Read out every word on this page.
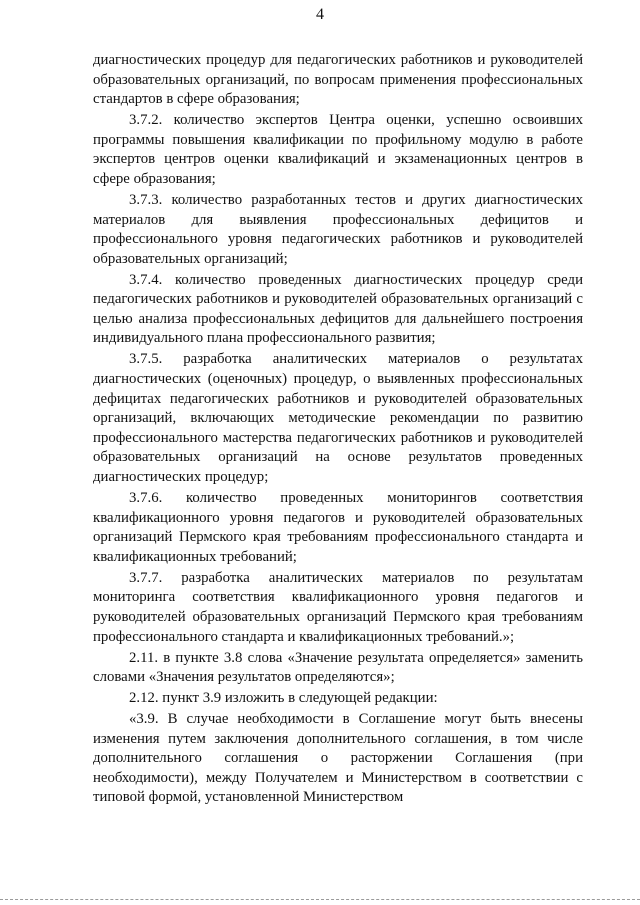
4

диагностических процедур для педагогических работников и руководителей образовательных организаций, по вопросам применения профессиональных стандартов в сфере образования;

3.7.2. количество экспертов Центра оценки, успешно освоивших программы повышения квалификации по профильному модулю в работе экспертов центров оценки квалификаций и экзаменационных центров в сфере образования;

3.7.3. количество разработанных тестов и других диагностических материалов для выявления профессиональных дефицитов и профессионального уровня педагогических работников и руководителей образовательных организаций;

3.7.4. количество проведенных диагностических процедур среди педагогических работников и руководителей образовательных организаций с целью анализа профессиональных дефицитов для дальнейшего построения индивидуального плана профессионального развития;

3.7.5. разработка аналитических материалов о результатах диагностических (оценочных) процедур, о выявленных профессиональных дефицитах педагогических работников и руководителей образовательных организаций, включающих методические рекомендации по развитию профессионального мастерства педагогических работников и руководителей образовательных организаций на основе результатов проведенных диагностических процедур;

3.7.6. количество проведенных мониторингов соответствия квалификационного уровня педагогов и руководителей образовательных организаций Пермского края требованиям профессионального стандарта и квалификационных требований;

3.7.7. разработка аналитических материалов по результатам мониторинга соответствия квалификационного уровня педагогов и руководителей образовательных организаций Пермского края требованиям профессионального стандарта и квалификационных требований.»;

2.11. в пункте 3.8 слова «Значение результата определяется» заменить словами «Значения результатов определяются»;

2.12. пункт 3.9 изложить в следующей редакции:

«3.9. В случае необходимости в Соглашение могут быть внесены изменения путем заключения дополнительного соглашения, в том числе дополнительного соглашения о расторжении Соглашения (при необходимости), между Получателем и Министерством в соответствии с типовой формой, установленной Министерством
